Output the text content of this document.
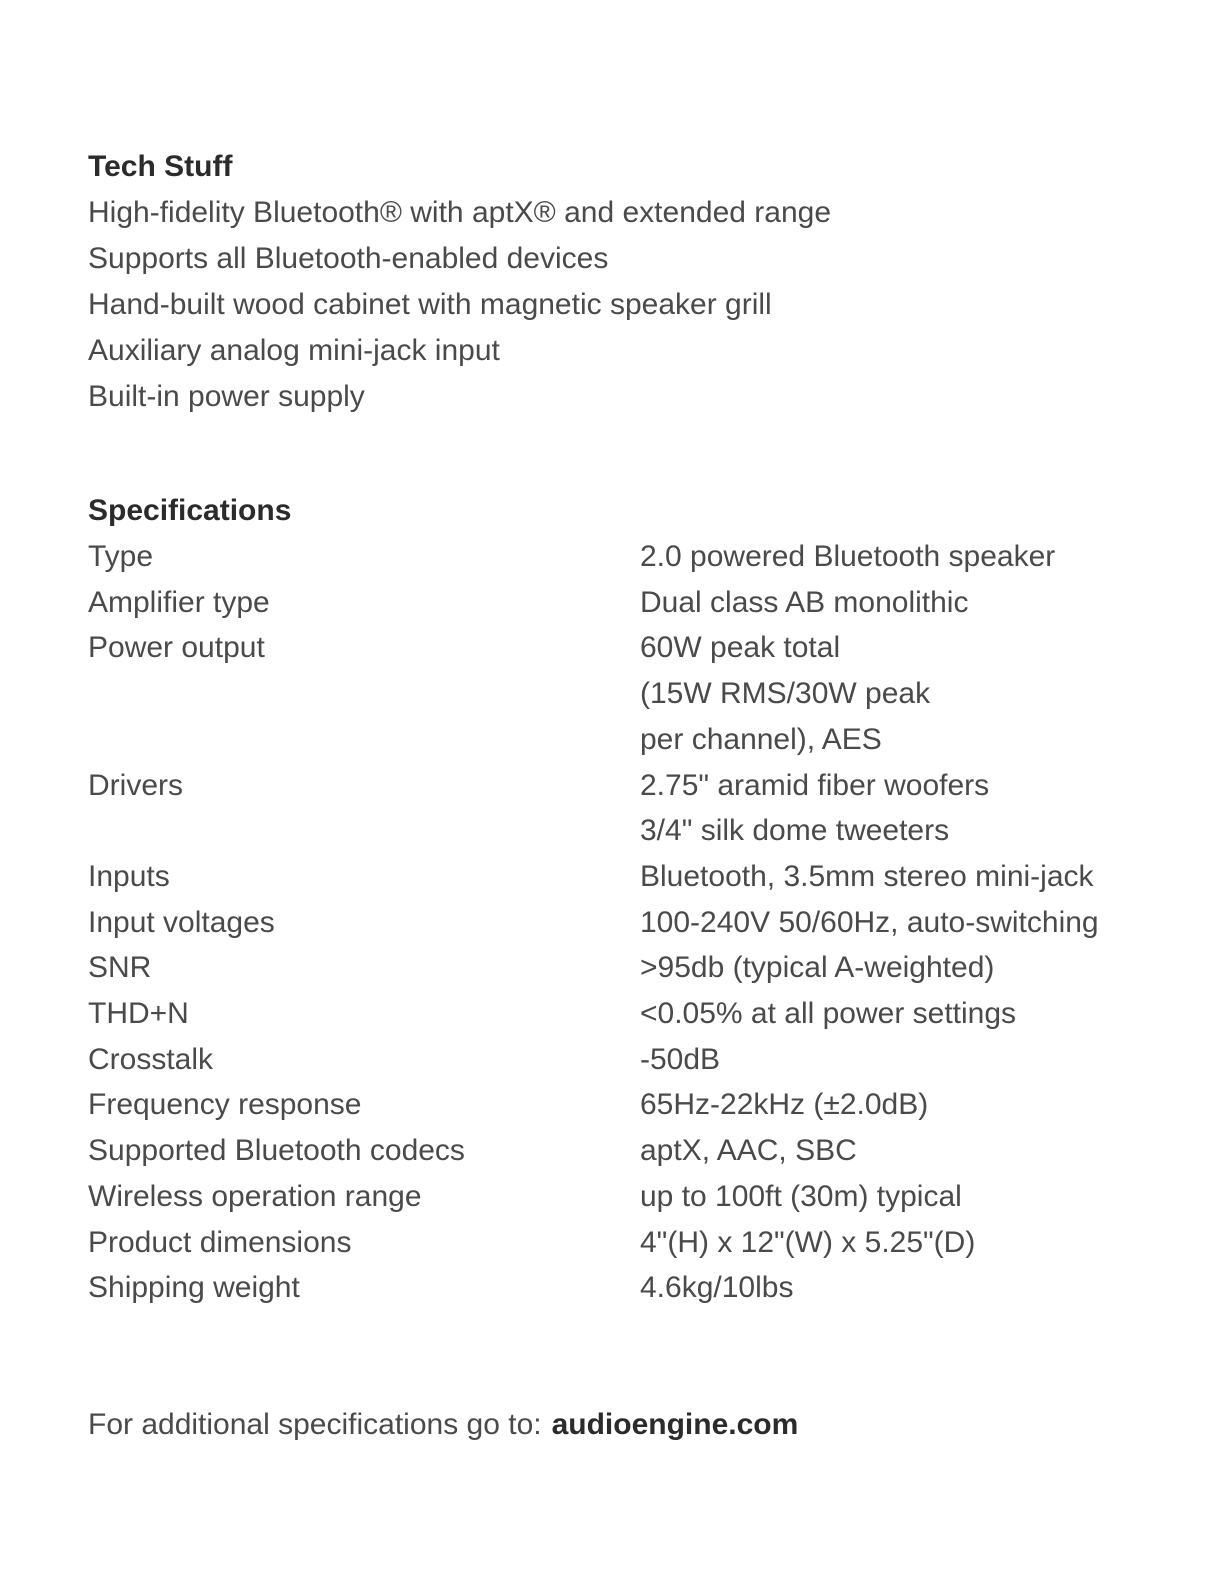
Tech Stuff

High-fidelity Bluetooth® with aptX® and extended range

Supports all Bluetooth-enabled devices

Hand-built wood cabinet with magnetic speaker grill

Auxiliary analog mini-jack input

Built-in power supply

Specifications
Type	2.0 powered Bluetooth speaker
Amplifier type	Dual class AB monolithic
Power output	60W peak total
(15W RMS/30W peak
per channel), AES
Drivers	2.75" aramid fiber woofers
3/4" silk dome tweeters
Inputs	Bluetooth, 3.5mm stereo mini-jack
Input voltages	100-240V 50/60Hz, auto-switching
SNR	>95db (typical A-weighted)
THD+N	<0.05% at all power settings
Crosstalk	-50dB
Frequency response	65Hz-22kHz (±2.0dB)
Supported Bluetooth codecs	aptX, AAC, SBC
Wireless operation range	up to 100ft (30m) typical
Product dimensions	4"(H) x 12"(W) x 5.25"(D)
Shipping weight	4.6kg/10lbs
For additional specifications go to: audioengine.com
